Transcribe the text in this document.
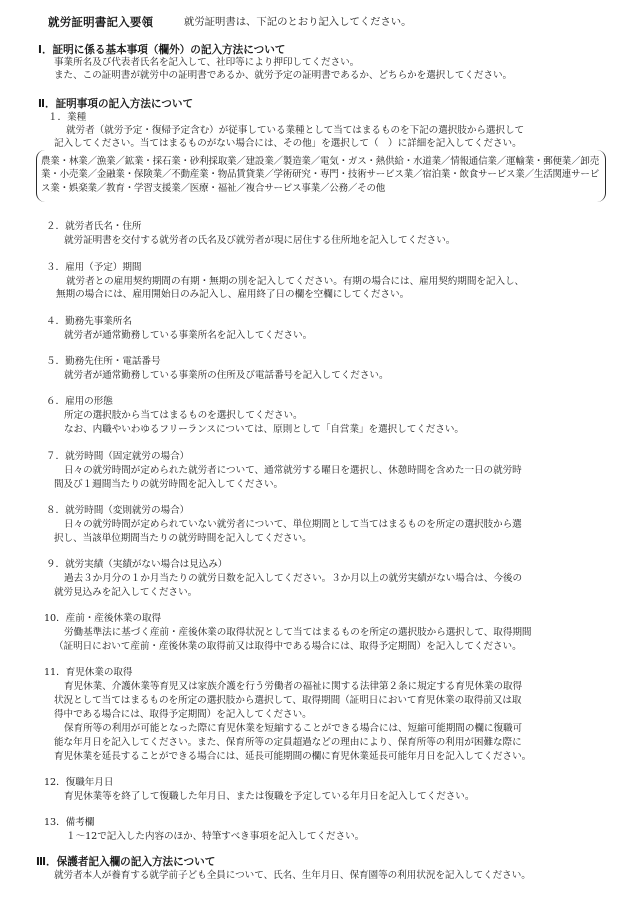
就労証明書記入要領	就労証明書は、下記のとおり記入してください。
Ⅰ．証明に係る基本事項（欄外）の記入方法について
事業所名及び代表者氏名を記入して、社印等により押印してください。
また、この証明書が就労中の証明書であるか、就労予定の証明書であるか、どちらかを選択してください。
Ⅱ．証明事項の記入方法について
１．業種
就労者（就労予定・復帰予定含む）が従事している業種として当てはまるものを下記の選択肢から選択して
記入してください。当てはまるものがない場合には、その他」を選択して（　）に詳細を記入してください。
農業・林業／漁業／鉱業・採石業・砂利採取業／建設業／製造業／電気・ガス・熱供給・水道業／情報通信業／運輸業・郵便業／卸売業・小売業／金融業・保険業／不動産業・物品賃貸業／学術研究・専門・技術サービス業／宿泊業・飲食サービス業／生活関連サービス業・娯楽業／教育・学習支援業／医療・福祉／複合サービス事業／公務／その他
２．就労者氏名・住所
就労証明書を交付する就労者の氏名及び就労者が現に居住する住所地を記入してください。
３．雇用（予定）期間
就労者との雇用契約期間の有期・無期の別を記入してください。有期の場合には、雇用契約期間を記入し、
無期の場合には、雇用開始日のみ記入し、雇用終了日の欄を空欄にしてください。
４．勤務先事業所名
就労者が通常勤務している事業所名を記入してください。
５．勤務先住所・電話番号
就労者が通常勤務している事業所の住所及び電話番号を記入してください。
６．雇用の形態
所定の選択肢から当てはまるものを選択してください。
なお、内職やいわゆるフリーランスについては、原則として「自営業」を選択してください。
７．就労時間（固定就労の場合）
日々の就労時間が定められた就労者について、通常就労する曜日を選択し、休憩時間を含めた一日の就労時
間及び１週間当たりの就労時間を記入してください。
８．就労時間（変則就労の場合）
日々の就労時間が定められていない就労者について、単位期間として当てはまるものを所定の選択肢から選
択し、当該単位期間当たりの就労時間を記入してください。
９．就労実績（実績がない場合は見込み）
過去３か月分の１か月当たりの就労日数を記入してください。３か月以上の就労実績がない場合は、今後の
就労見込みを記入してください。
10．産前・産後休業の取得
労働基準法に基づく産前・産後休業の取得状況として当てはまるものを所定の選択肢から選択して、取得期間
（証明日において産前・産後休業の取得前又は取得中である場合には、取得予定期間）を記入してください。
11．育児休業の取得
育児休業、介護休業等育児又は家族介護を行う労働者の福祉に関する法律第２条に規定する育児休業の取得
状況として当てはまるものを所定の選択肢から選択して、取得期間（証明日において育児休業の取得前又は取
得中である場合には、取得予定期間）を記入してください。
保育所等の利用が可能となった際に育児休業を短縮することができる場合には、短縮可能期間の欄に復職可
能な年月日を記入してください。また、保育所等の定員超過などの理由により、保育所等の利用が困難な際に
育児休業を延長することができる場合には、延長可能期間の欄に育児休業延長可能年月日を記入してください。
12．復職年月日
育児休業等を終了して復職した年月日、または復職を予定している年月日を記入してください。
13．備考欄
１～12で記入した内容のほか、特筆すべき事項を記入してください。
Ⅲ．保護者記入欄の記入方法について
就労者本人が養育する就学前子ども全員について、氏名、生年月日、保育園等の利用状況を記入してください。
